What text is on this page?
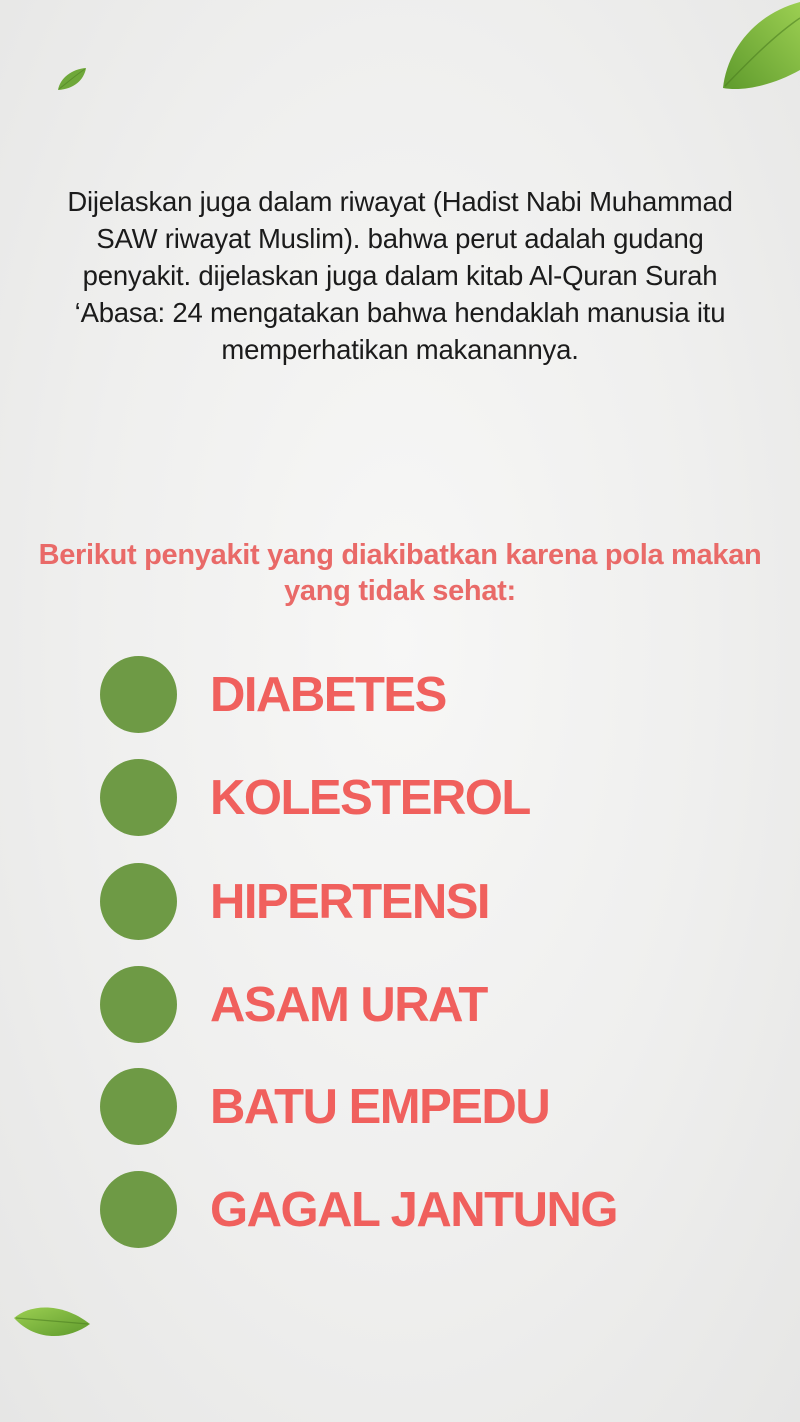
Dijelaskan juga dalam riwayat (Hadist Nabi Muhammad SAW riwayat Muslim). bahwa perut adalah gudang penyakit. dijelaskan juga dalam kitab Al-Quran Surah ‘Abasa: 24 mengatakan bahwa hendaklah manusia itu memperhatikan makanannya.

Berikut penyakit yang diakibatkan karena pola makan yang tidak sehat:

DIABETES
KOLESTEROL
HIPERTENSI
ASAM URAT
BATU EMPEDU
GAGAL JANTUNG
